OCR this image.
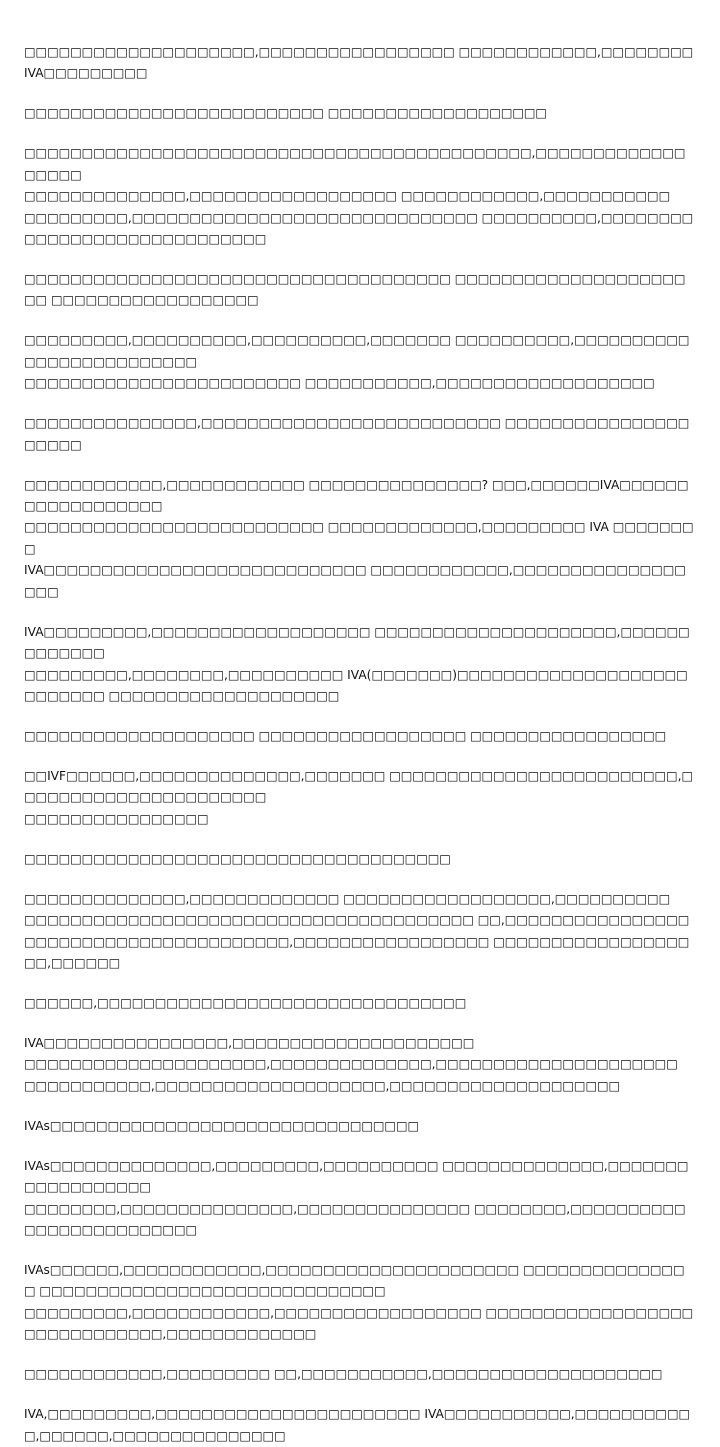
□□□□□□□□□□□□□□□□□□□□,□□□□□□□□□□□□□□□□□ □□□□□□□□□□□□,□□□□□□□□IVA□□□□□□□□□

□□□□□□□□□□□□□□□□□□□□□□□□□□ □□□□□□□□□□□□□□□□□□□

□□□□□□□□□□□□□□□□□□□□□□□□□□□□□□□□□□□□□□□□□□□□,□□□□□□□□□□□□□□□□□□
□□□□□□□□□□□□□□,□□□□□□□□□□□□□□□□□□ □□□□□□□□□□□□,□□□□□□□□□□□
□□□□□□□□□,□□□□□□□□□□□□□□□□□□□□□□□□□□□□□□ □□□□□□□□□□,□□□□□□□□□□□□□□□□□□□□□□□□□□□□□

□□□□□□□□□□□□□□□□□□□□□□□□□□□□□□□□□□□□□ □□□□□□□□□□□□□□□□□□□□□□ □□□□□□□□□□□□□□□□□□

□□□□□□□□□,□□□□□□□□□□,□□□□□□□□□□,□□□□□□□ □□□□□□□□□□,□□□□□□□□□□□□□□□□□□□□□□□□□
□□□□□□□□□□□□□□□□□□□□□□□□ □□□□□□□□□□□,□□□□□□□□□□□□□□□□□□□

□□□□□□□□□□□□□□□,□□□□□□□□□□□□□□□□□□□□□□□□□□ □□□□□□□□□□□□□□□□□□□□□

□□□□□□□□□□□□,□□□□□□□□□□□□ □□□□□□□□□□□□□□□? □□□,□□□□□□IVA□□□□□□□□□□□□□□□□□□
□□□□□□□□□□□□□□□□□□□□□□□□□□ □□□□□□□□□□□□□,□□□□□□□□□ IVA □□□□□□□□
IVA□□□□□□□□□□□□□□□□□□□□□□□□□□□□ □□□□□□□□□□□□,□□□□□□□□□□□□□□□□□□

IVA□□□□□□□□□,□□□□□□□□□□□□□□□□□□□ □□□□□□□□□□□□□□□□□□□□□,□□□□□□□□□□□□□
□□□□□□□□□,□□□□□□□□,□□□□□□□□□□ IVA(□□□□□□□)□□□□□□□□□□□□□□□□□□□□□□□□□□□ □□□□□□□□□□□□□□□□□□□□

□□□□□□□□□□□□□□□□□□□□ □□□□□□□□□□□□□□□□□□ □□□□□□□□□□□□□□□□□

□□IVF□□□□□□,□□□□□□□□□□□□□□,□□□□□□□ □□□□□□□□□□□□□□□□□□□□□□□□□,□□□□□□□□□□□□□□□□□□□□□□
□□□□□□□□□□□□□□□□

□□□□□□□□□□□□□□□□□□□□□□□□□□□□□□□□□□□□□

□□□□□□□□□□□□□□,□□□□□□□□□□□□□ □□□□□□□□□□□□□□□□□□,□□□□□□□□□□
□□□□□□□□□□□□□□□□□□□□□□□□□□□□□□□□□□□□□□□ □□,□□□□□□□□□□□□□□□□
□□□□□□□□□□□□□□□□□□□□□□□,□□□□□□□□□□□□□□□□□ □□□□□□□□□□□□□□□□□□□,□□□□□□

□□□□□□,□□□□□□□□□□□□□□□□□□□□□□□□□□□□□□□□

IVA□□□□□□□□□□□□□□□□,□□□□□□□□□□□□□□□□□□□□□
□□□□□□□□□□□□□□□□□□□□□,□□□□□□□□□□□□□□,□□□□□□□□□□□□□□□□□□□□□
□□□□□□□□□□□,□□□□□□□□□□□□□□□□□□□□,□□□□□□□□□□□□□□□□□□□□

IVAs□□□□□□□□□□□□□□□□□□□□□□□□□□□□□□□□

IVAs□□□□□□□□□□□□□□,□□□□□□□□□,□□□□□□□□□□ □□□□□□□□□□□□□□,□□□□□□□□□□□□□□□□□□
□□□□□□□□,□□□□□□□□□□□□□□□,□□□□□□□□□□□□□□□ □□□□□□□□,□□□□□□□□□□□□□□□□□□□□□□□□□

IVAs□□□□□□,□□□□□□□□□□□□,□□□□□□□□□□□□□□□□□□□□□□ □□□□□□□□□□□□□□□ □□□□□□□□□□□□□□□□□□□□□□□□□□□□□□
□□□□□□□□□,□□□□□□□□□□□□,□□□□□□□□□□□□□□□□□□ □□□□□□□□□□□□□□□□□□ □□□□□□□□□□□□,□□□□□□□□□□□□□

□□□□□□□□□□□□,□□□□□□□□□ □□,□□□□□□□□□□□,□□□□□□□□□□□□□□□□□□□□

IVA,□□□□□□□□□,□□□□□□□□□□□□□□□□□□□□□□□ IVA□□□□□□□□□□□,□□□□□□□□□□□,□□□□□□,□□□□□□□□□□□□□□□
